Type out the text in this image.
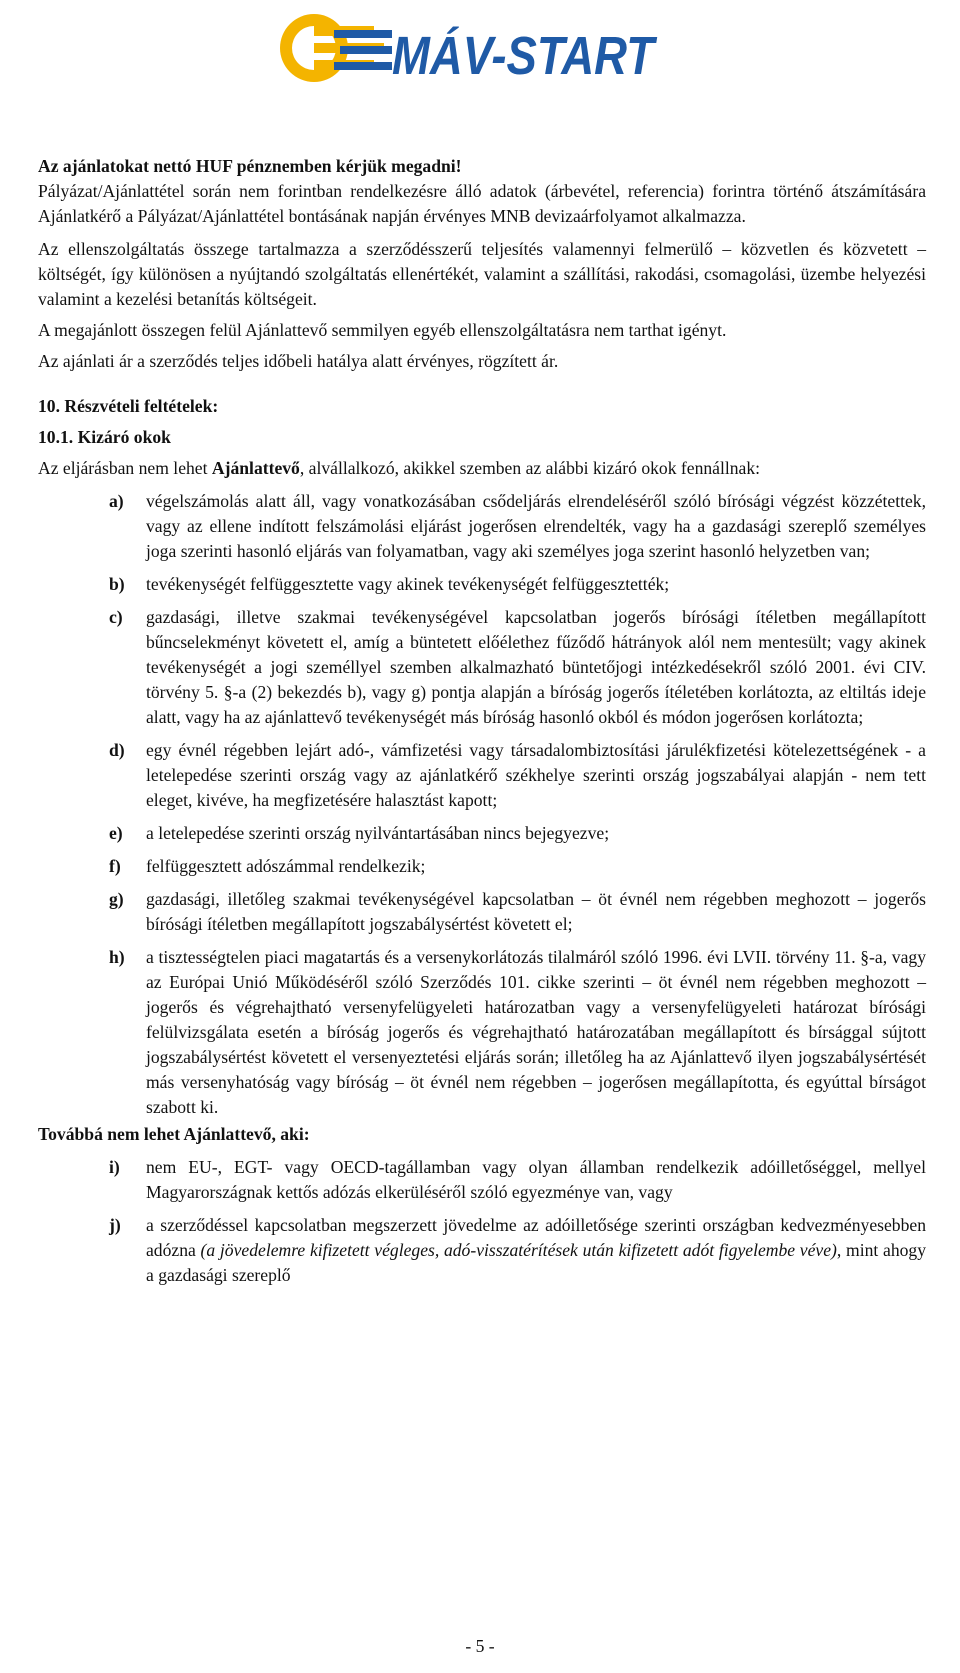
MÁV-START

Az ajánlatokat nettó HUF pénznemben kérjük megadni!

Pályázat/Ajánlattétel során nem forintban rendelkezésre álló adatok (árbevétel, referencia) forintra történő átszámítására Ajánlatkérő a Pályázat/Ajánlattétel bontásának napján érvényes MNB devizaárfolyamot alkalmazza.

Az ellenszolgáltatás összege tartalmazza a szerződésszerű teljesítés valamennyi felmerülő – közvetlen és közvetett – költségét, így különösen a nyújtandó szolgáltatás ellenértékét, valamint a szállítási, rakodási, csomagolási, üzembe helyezési valamint a kezelési betanítás költségeit.

A megajánlott összegen felül Ajánlattevő semmilyen egyéb ellenszolgáltatásra nem tarthat igényt.

Az ajánlati ár a szerződés teljes időbeli hatálya alatt érvényes, rögzített ár.

10. Részvételi feltételek:

10.1. Kizáró okok

Az eljárásban nem lehet Ajánlattevő, alvállalkozó, akikkel szemben az alábbi kizáró okok fennállnak:

a)	végelszámolás alatt áll, vagy vonatkozásában csődeljárás elrendeléséről szóló bírósági végzést közzétettek, vagy az ellene indított felszámolási eljárást jogerősen elrendelték, vagy ha a gazdasági szereplő személyes joga szerinti hasonló eljárás van folyamatban, vagy aki személyes joga szerint hasonló helyzetben van;
b)	tevékenységét felfüggesztette vagy akinek tevékenységét felfüggesztették;
c)	gazdasági, illetve szakmai tevékenységével kapcsolatban jogerős bírósági ítéletben megállapított bűncselekményt követett el, amíg a büntetett előélethez fűződő hátrányok alól nem mentesült; vagy akinek tevékenységét a jogi személlyel szemben alkalmazható büntetőjogi intézkedésekről szóló 2001. évi CIV. törvény 5. §-a (2) bekezdés b), vagy g) pontja alapján a bíróság jogerős ítéletében korlátozta, az eltiltás ideje alatt, vagy ha az ajánlattevő tevékenységét más bíróság hasonló okból és módon jogerősen korlátozta;
d)	egy évnél régebben lejárt adó-, vámfizetési vagy társadalombiztosítási járulékfizetési kötelezettségének - a letelepedése szerinti ország vagy az ajánlatkérő székhelye szerinti ország jogszabályai alapján - nem tett eleget, kivéve, ha megfizetésére halasztást kapott;
e)	a letelepedése szerinti ország nyilvántartásában nincs bejegyezve;
f)	felfüggesztett adószámmal rendelkezik;
g)	gazdasági, illetőleg szakmai tevékenységével kapcsolatban – öt évnél nem régebben meghozott – jogerős bírósági ítéletben megállapított jogszabálysértést követett el;
h)	a tisztességtelen piaci magatartás és a versenykorlátozás tilalmáról szóló 1996. évi LVII. törvény 11. §-a, vagy az Európai Unió Működéséről szóló Szerződés 101. cikke szerinti – öt évnél nem régebben meghozott – jogerős és végrehajtható versenyfelügyeleti határozatban vagy a versenyfelügyeleti határozat bírósági felülvizsgálata esetén a bíróság jogerős és végrehajtható határozatában megállapított és bírsággal sújtott jogszabálysértést követett el versenyeztetési eljárás során; illetőleg ha az Ajánlattevő ilyen jogszabálysértését más versenyhatóság vagy bíróság – öt évnél nem régebben – jogerősen megállapította, és egyúttal bírságot szabott ki.

Továbbá nem lehet Ajánlattevő, aki:

i)	nem EU-, EGT- vagy OECD-tagállamban vagy olyan államban rendelkezik adóilletőséggel, mellyel Magyarországnak kettős adózás elkerüléséről szóló egyezménye van, vagy
j)	a szerződéssel kapcsolatban megszerzett jövedelme az adóilletősége szerinti országban kedvezményesebben adózna (a jövedelemre kifizetett végleges, adó-visszatérítések után kifizetett adót figyelembe véve), mint ahogy a gazdasági szereplő
- 5 -
